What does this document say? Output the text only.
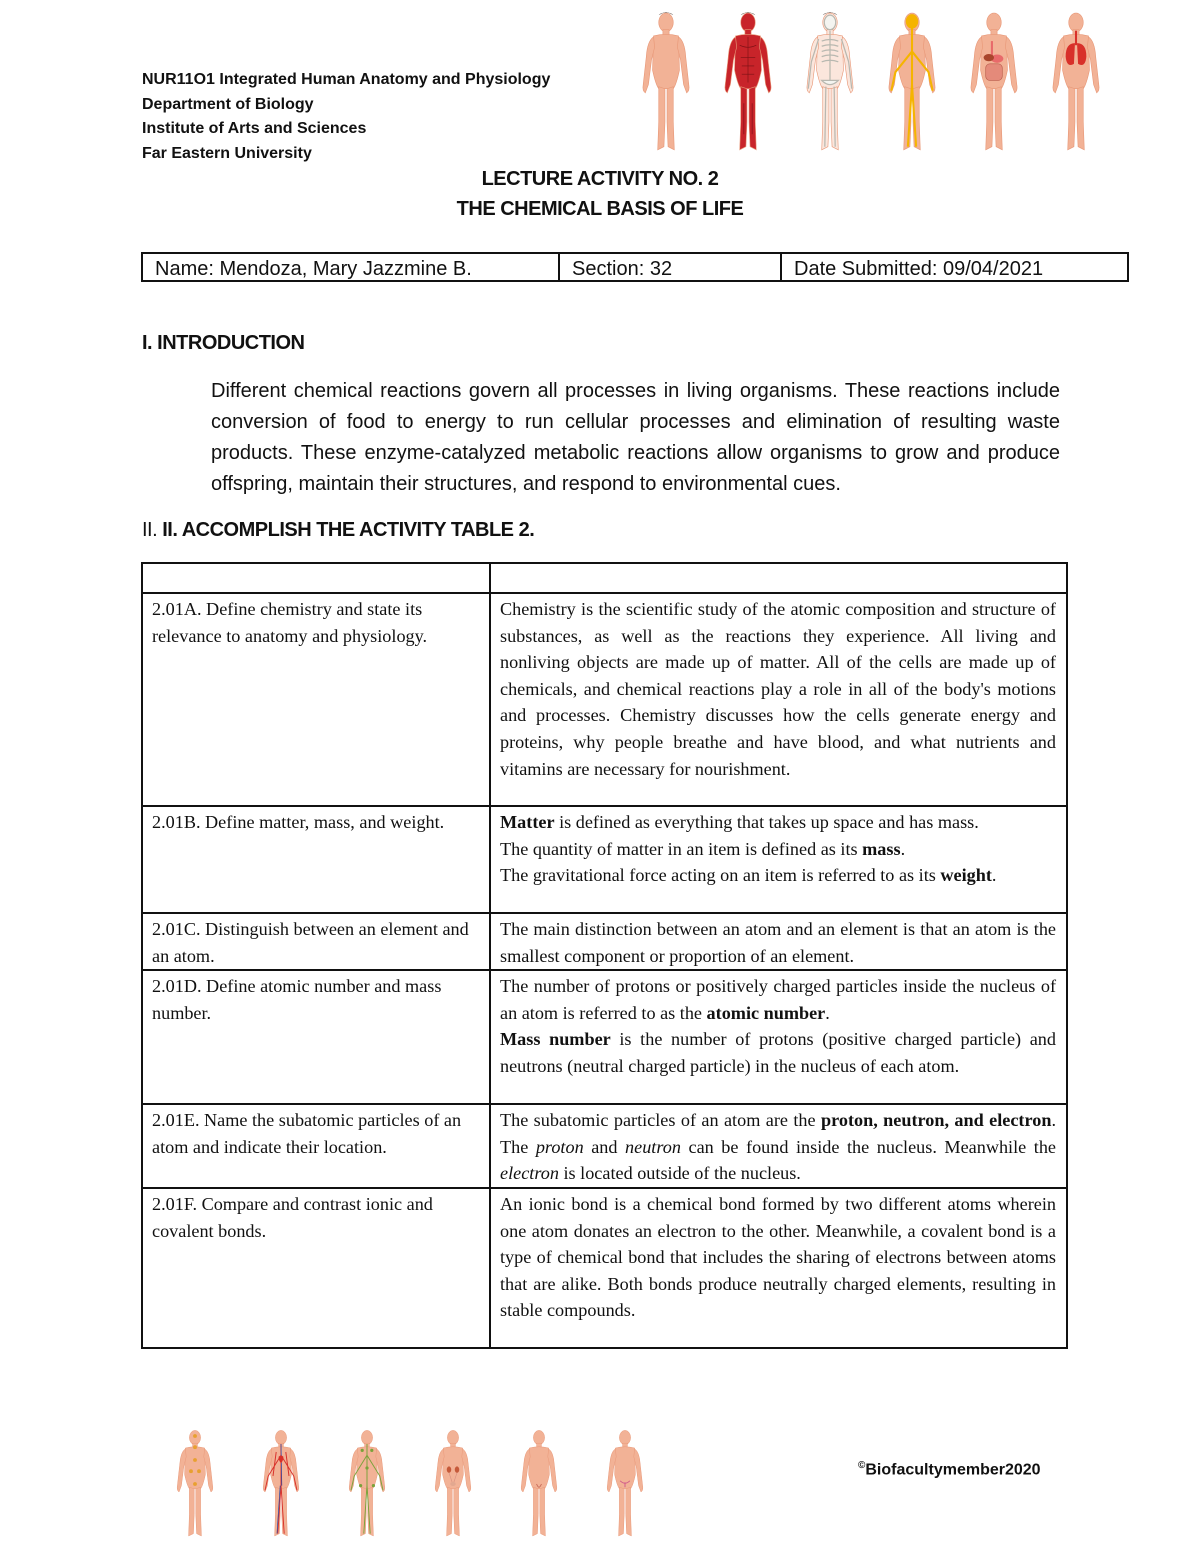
NUR11O1 Integrated Human Anatomy and Physiology
Department of Biology
Institute of Arts and Sciences
Far Eastern University
LECTURE ACTIVITY NO. 2
THE CHEMICAL BASIS OF LIFE
Name: Mendoza, Mary Jazzmine B.	Section: 32	Date Submitted: 09/04/2021
I. INTRODUCTION
Different chemical reactions govern all processes in living organisms. These reactions include conversion of food to energy to run cellular processes and elimination of resulting waste products. These enzyme-catalyzed metabolic reactions allow organisms to grow and produce offspring, maintain their structures, and respond to environmental cues.
II. II. ACCOMPLISH THE ACTIVITY TABLE 2.

2.01A. Define chemistry and state its relevance to anatomy and physiology.	Chemistry is the scientific study of the atomic composition and structure of substances, as well as the reactions they experience. All living and nonliving objects are made up of matter. All of the cells are made up of chemicals, and chemical reactions play a role in all of the body's motions and processes. Chemistry discusses how the cells generate energy and proteins, why people breathe and have blood, and what nutrients and vitamins are necessary for nourishment.
2.01B. Define matter, mass, and weight.	Matter is defined as everything that takes up space and has mass.
The quantity of matter in an item is defined as its mass.
The gravitational force acting on an item is referred to as its weight.
2.01C. Distinguish between an element and an atom.	The main distinction between an atom and an element is that an atom is the smallest component or proportion of an element.
2.01D. Define atomic number and mass number.	The number of protons or positively charged particles inside the nucleus of an atom is referred to as the atomic number.
Mass number is the number of protons (positive charged particle) and neutrons (neutral charged particle) in the nucleus of each atom.
2.01E. Name the subatomic particles of an atom and indicate their location.	The subatomic particles of an atom are the proton, neutron, and electron. The proton and neutron can be found inside the nucleus. Meanwhile the electron is located outside of the nucleus.
2.01F. Compare and contrast ionic and covalent bonds.	An ionic bond is a chemical bond formed by two different atoms wherein one atom donates an electron to the other. Meanwhile, a covalent bond is a type of chemical bond that includes the sharing of electrons between atoms that are alike. Both bonds produce neutrally charged elements, resulting in stable compounds.
©Biofacultymember2020
